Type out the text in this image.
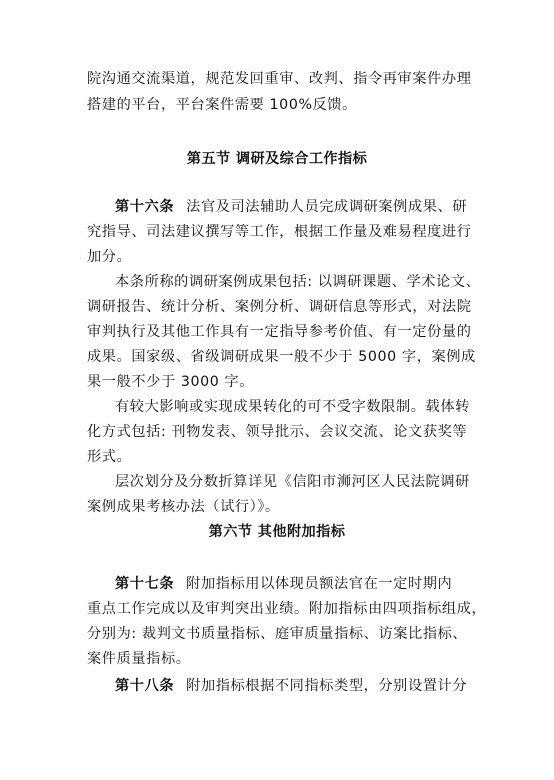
院沟通交流渠道，规范发回重审、改判、指令再审案件办理
搭建的平台，平台案件需要 100%反馈。
第五节 调研及综合工作指标
第十六条 法官及司法辅助人员完成调研案例成果、研
究指导、司法建议撰写等工作，根据工作量及难易程度进行
加分。
本条所称的调研案例成果包括: 以调研课题、学术论文、
调研报告、统计分析、案例分析、调研信息等形式，对法院
审判执行及其他工作具有一定指导参考价值、有一定份量的
成果。国家级、省级调研成果一般不少于 5000 字，案例成
果一般不少于 3000 字。
有较大影响或实现成果转化的可不受字数限制。载体转
化方式包括: 刊物发表、领导批示、会议交流、论文获奖等
形式。
层次划分及分数折算详见《信阳市浉河区人民法院调研
案例成果考核办法（试行）》。
第六节 其他附加指标
第十七条 附加指标用以体现员额法官在一定时期内
重点工作完成以及审判突出业绩。附加指标由四项指标组成，
分别为: 裁判文书质量指标、庭审质量指标、访案比指标、
案件质量指标。
第十八条 附加指标根据不同指标类型，分别设置计分
